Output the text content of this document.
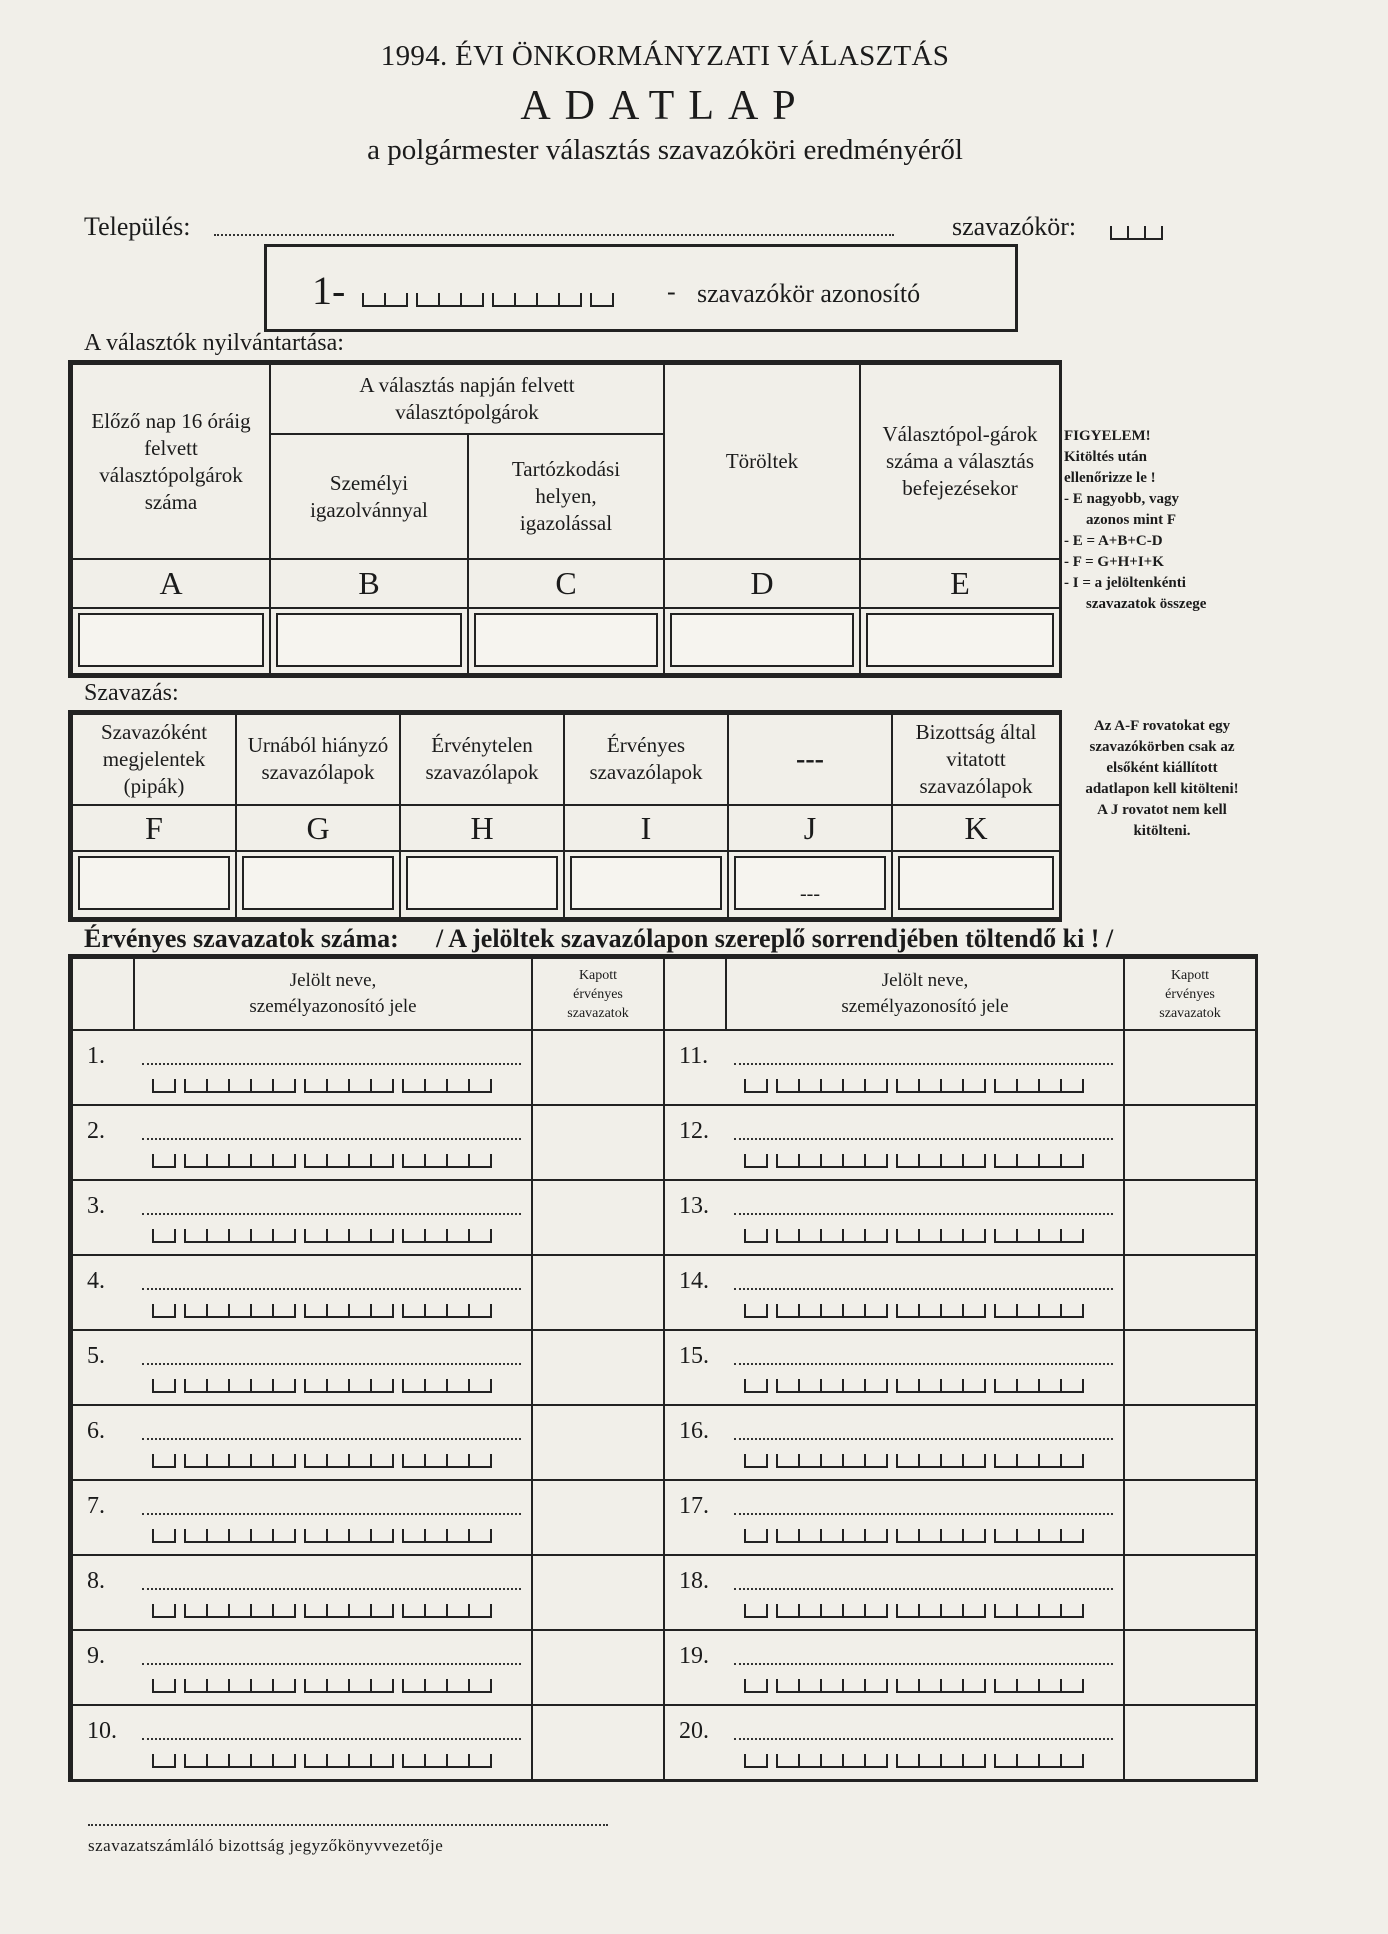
1994. ÉVI ÖNKORMÁNYZATI VÁLASZTÁS
ADATLAP
a polgármester választás szavazóköri eredményéről
Település:	szavazókör:
1-	- szavazókör azonosító
A választók nyilvántartása:
Előző nap 16 óráig felvett választópolgárok száma	A választás napján felvett választópolgárok		Töröltek	Választópol-gárok száma a választás befejezésekor
	Személyi igazolvánnyal	Tartózkodási helyen, igazolással		
A	B	C	D	E

FIGYELEM!
Kitöltés után
ellenőrizze le !
- E nagyobb, vagy
azonos mint F
- E = A+B+C-D
- F = G+H+I+K
- I = a jelöltenkénti
szavazatok összege
Szavazás:
Szavazóként megjelentek (pipák)	Urnából hiányzó szavazólapok	Érvénytelen szavazólapok	Érvényes szavazólapok	---	Bizottság által vitatott szavazólapok
F	G	H	I	J	K

				---	

Az A-F rovatokat egy
szavazókörben csak az
elsőként kiállított
adatlapon kell kitölteni!
A J rovatot nem kell
kitölteni.
Érvényes szavazatok száma: / A jelöltek szavazólapon szereplő sorrendjében töltendő ki ! /
	Jelölt neve, személyazonosító jele	Kapott érvényes szavazatok
1.	

2.	

3.	

4.	

5.	

6.	

7.	

8.	

9.	

10.	

	Jelölt neve, személyazonosító jele	Kapott érvényes szavazatok
11.	

12.	

13.	

14.	

15.	

16.	

17.	

18.	

19.	

20.	

szavazatszámláló bizottság jegyzőkönyvvezetője
